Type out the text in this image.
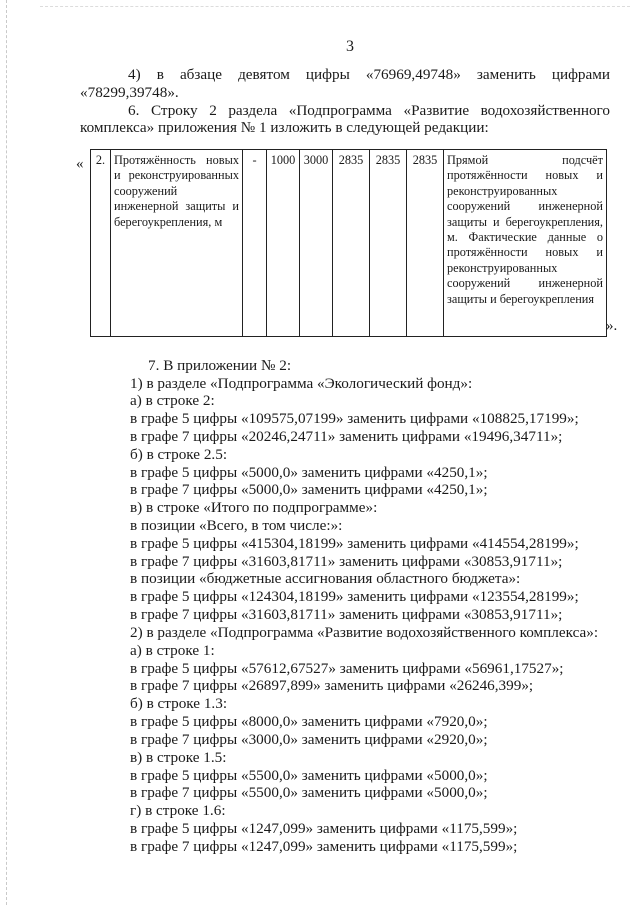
3
4) в абзаце девятом цифры «76969,49748» заменить цифрами
«78299,39748».
6. Строку 2 раздела «Подпрограмма «Развитие водохозяйственного
комплекса» приложения № 1 изложить в следующей редакции:
« 2.	Протяжённость новых и реконструированных сооружений инженерной защиты и берегоукрепления, м	-	1000	3000	2835	2835	2835	Прямой подсчёт протяжённости новых и реконструированных сооружений инженерной защиты и берегоукрепления, м. Фактические данные о протяжённости новых и реконструированных сооружений инженерной защиты и берегоукрепления
».
7. В приложении № 2:
1) в разделе «Подпрограмма «Экологический фонд»:
а) в строке 2:
в графе 5 цифры «109575,07199» заменить цифрами «108825,17199»;
в графе 7 цифры «20246,24711» заменить цифрами «19496,34711»;
б) в строке 2.5:
в графе 5 цифры «5000,0» заменить цифрами «4250,1»;
в графе 7 цифры «5000,0» заменить цифрами «4250,1»;
в) в строке «Итого по подпрограмме»:
в позиции «Всего, в том числе:»:
в графе 5 цифры «415304,18199» заменить цифрами «414554,28199»;
в графе 7 цифры «31603,81711» заменить цифрами «30853,91711»;
в позиции «бюджетные ассигнования областного бюджета»:
в графе 5 цифры «124304,18199» заменить цифрами «123554,28199»;
в графе 7 цифры «31603,81711» заменить цифрами «30853,91711»;
2) в разделе «Подпрограмма «Развитие водохозяйственного комплекса»:
а) в строке 1:
в графе 5 цифры «57612,67527» заменить цифрами «56961,17527»;
в графе 7 цифры «26897,899» заменить цифрами «26246,399»;
б) в строке 1.3:
в графе 5 цифры «8000,0» заменить цифрами «7920,0»;
в графе 7 цифры «3000,0» заменить цифрами «2920,0»;
в) в строке 1.5:
в графе 5 цифры «5500,0» заменить цифрами «5000,0»;
в графе 7 цифры «5500,0» заменить цифрами «5000,0»;
г) в строке 1.6:
в графе 5 цифры «1247,099» заменить цифрами «1175,599»;
в графе 7 цифры «1247,099» заменить цифрами «1175,599»;
